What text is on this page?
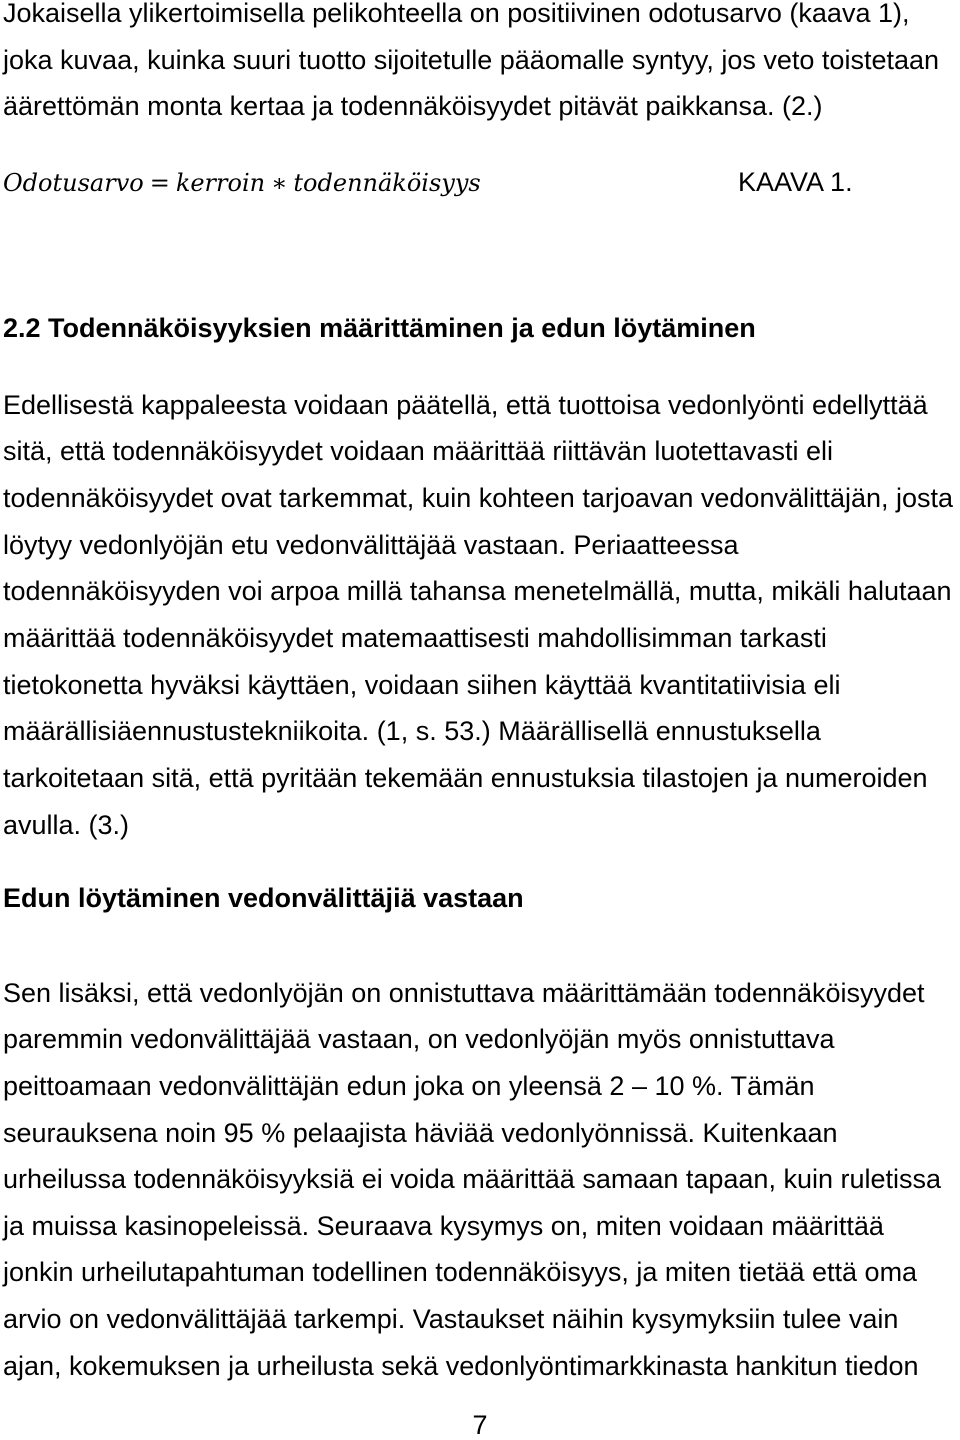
Jokaisella ylikertoimisella pelikohteella on positiivinen odotusarvo (kaava 1),
joka kuvaa, kuinka suuri tuotto sijoitetulle pääomalle syntyy, jos veto toistetaan
äärettömän monta kertaa ja todennäköisyydet pitävät paikkansa. (2.)
Odotusarvo = kerroin ∗ todennäköisyys	KAAVA 1.
2.2 Todennäköisyyksien määrittäminen ja edun löytäminen
Edellisestä kappaleesta voidaan päätellä, että tuottoisa vedonlyönti edellyttää
sitä, että todennäköisyydet voidaan määrittää riittävän luotettavasti eli
todennäköisyydet ovat tarkemmat, kuin kohteen tarjoavan vedonvälittäjän, josta
löytyy vedonlyöjän etu vedonvälittäjää vastaan. Periaatteessa
todennäköisyyden voi arpoa millä tahansa menetelmällä, mutta, mikäli halutaan
määrittää todennäköisyydet matemaattisesti mahdollisimman tarkasti
tietokonetta hyväksi käyttäen, voidaan siihen käyttää kvantitatiivisia eli
määrällisiäennustustekniikoita. (1, s. 53.) Määrällisellä ennustuksella
tarkoitetaan sitä, että pyritään tekemään ennustuksia tilastojen ja numeroiden
avulla. (3.)
Edun löytäminen vedonvälittäjiä vastaan
Sen lisäksi, että vedonlyöjän on onnistuttava määrittämään todennäköisyydet
paremmin vedonvälittäjää vastaan, on vedonlyöjän myös onnistuttava
peittoamaan vedonvälittäjän edun joka on yleensä 2 – 10 %. Tämän
seurauksena noin 95 % pelaajista häviää vedonlyönnissä. Kuitenkaan
urheilussa todennäköisyyksiä ei voida määrittää samaan tapaan, kuin ruletissa
ja muissa kasinopeleissä. Seuraava kysymys on, miten voidaan määrittää
jonkin urheilutapahtuman todellinen todennäköisyys, ja miten tietää että oma
arvio on vedonvälittäjää tarkempi. Vastaukset näihin kysymyksiin tulee vain
ajan, kokemuksen ja urheilusta sekä vedonlyöntimarkkinasta hankitun tiedon
7
